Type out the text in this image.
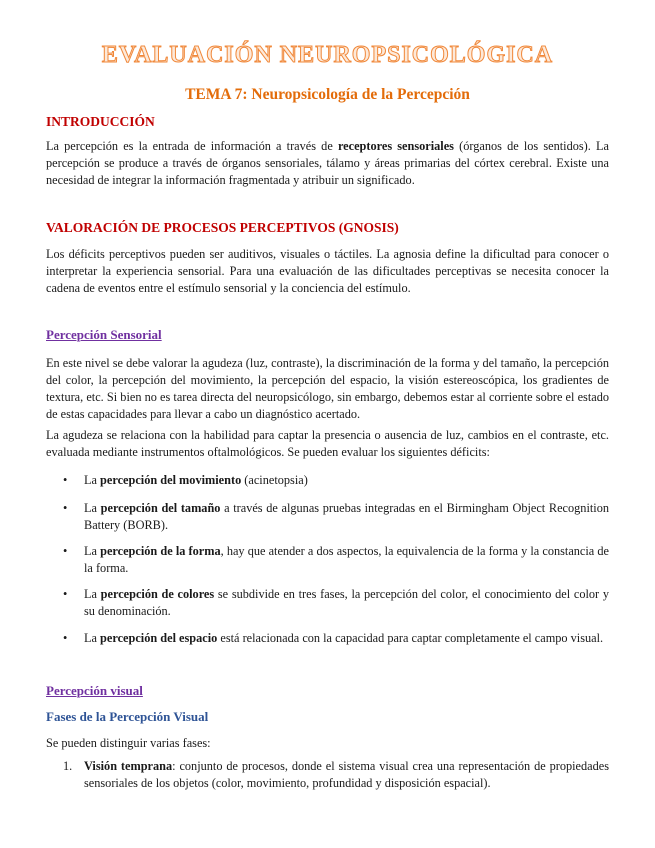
EVALUACIÓN NEUROPSICOLÓGICA
TEMA 7: Neuropsicología de la Percepción
INTRODUCCIÓN
La percepción es la entrada de información a través de receptores sensoriales (órganos de los sentidos). La percepción se produce a través de órganos sensoriales, tálamo y áreas primarias del córtex cerebral. Existe una necesidad de integrar la información fragmentada y atribuir un significado.
VALORACIÓN DE PROCESOS PERCEPTIVOS (GNOSIS)
Los déficits perceptivos pueden ser auditivos, visuales o táctiles. La agnosia define la dificultad para conocer o interpretar la experiencia sensorial. Para una evaluación de las dificultades perceptivas se necesita conocer la cadena de eventos entre el estímulo sensorial y la conciencia del estímulo.
Percepción Sensorial
En este nivel se debe valorar la agudeza (luz, contraste), la discriminación de la forma y del tamaño, la percepción del color, la percepción del movimiento, la percepción del espacio, la visión estereoscópica, los gradientes de textura, etc. Si bien no es tarea directa del neuropsicólogo, sin embargo, debemos estar al corriente sobre el estado de estas capacidades para llevar a cabo un diagnóstico acertado.
La agudeza se relaciona con la habilidad para captar la presencia o ausencia de luz, cambios en el contraste, etc. evaluada mediante instrumentos oftalmológicos. Se pueden evaluar los siguientes déficits:
• La percepción del movimiento (acinetopsia)
• La percepción del tamaño a través de algunas pruebas integradas en el Birmingham Object Recognition Battery (BORB).
• La percepción de la forma, hay que atender a dos aspectos, la equivalencia de la forma y la constancia de la forma.
• La percepción de colores se subdivide en tres fases, la percepción del color, el conocimiento del color y su denominación.
• La percepción del espacio está relacionada con la capacidad para captar completamente el campo visual.
Percepción visual
Fases de la Percepción Visual
Se pueden distinguir varias fases:
1. Visión temprana: conjunto de procesos, donde el sistema visual crea una representación de propiedades sensoriales de los objetos (color, movimiento, profundidad y disposición espacial).
